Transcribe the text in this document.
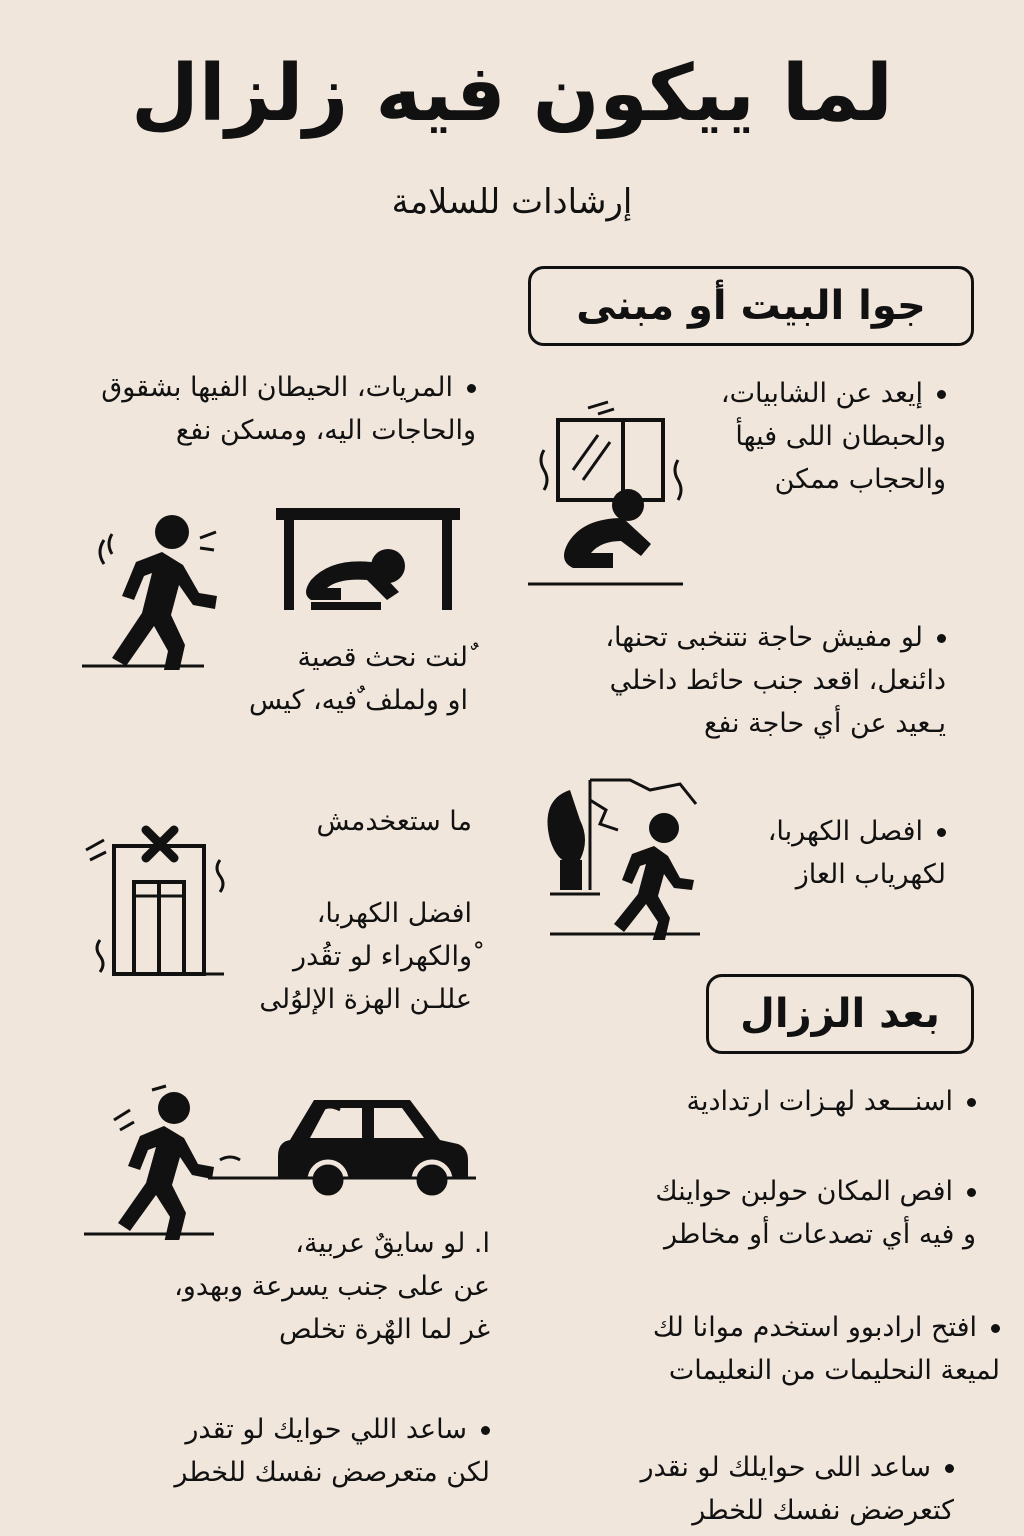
لما ييكون فيه زلزال
إرشادات للسلامة
جوا البيت أو مبنى
إيعد عن الشابيات،
والحبطان اللى فيهأ
والحجاب ممكن
المريات، الحيطان الفيها بشقوق
والحاجات اليه، ومسكن نفع
ٌلنت نحث قصية
او ولملف ٌفيه، كيس
لو مفيش حاجة نتنخبى تحنها،
دائنعل، اقعد جنب حائط داخلي
يـعيد عن أي حاجة نفع
ما ستعخدمش
افضل الكهربا،
ْوالكهراء لو تقُدر
عللـن الهزة الإلوُلى
افصل الكهربا،
لكهرياب العاز
بعد الززال
اسنـــعد لهـزات ارتدادية
افص المكان حولبن حواينك
و فيه أي تصدعات أو مخاطر
افتح ارادبوو استخدم موانا لك
لميعة النحليمات من النعليمات
ساعد اللى حوايلك لو نقدر
كتعرضض نفسك للخطر
ا. لو سايقٌ عربية،
عن على جنب يسرعة وبهدو،
غر لما الهٌرة تخلص
ساعد اللي حوايك لو تقدر
لكن متعرصض نفسك للخطر
